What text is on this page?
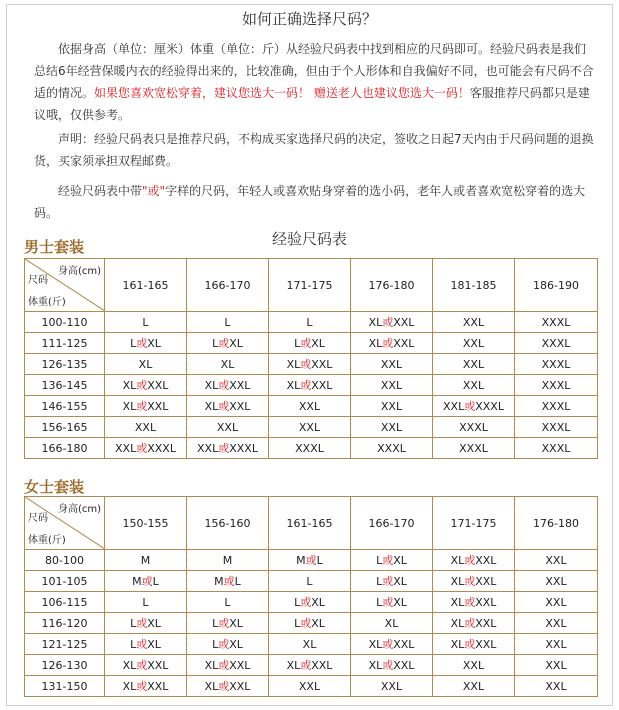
如何正确选择尺码？

依据身高（单位：厘米）体重（单位：斤）从经验尺码表中找到相应的尺码即可。经验尺码表是我们总结6年经营保暖内衣的经验得出来的，比较准确，但由于个人形体和自我偏好不同，也可能会有尺码不合适的情况。如果您喜欢宽松穿着，建议您选大一码！ 赠送老人也建议您选大一码！客服推荐尺码都只是建议哦，仅供参考。

声明：经验尺码表只是推荐尺码，不构成买家选择尺码的决定，签收之日起7天内由于尺码问题的退换货，买家须承担双程邮费。

经验尺码表中带"或"字样的尺码，年轻人或喜欢贴身穿着的选小码，老年人或者喜欢宽松穿着的选大码。

经验尺码表
男士套装
身高(cm)
尺码
体重(斤)	161-165	166-170	171-175	176-180	181-185	186-190
100-110	L	L	L	XL或XXL	XXL	XXXL
111-125	L或XL	L或XL	L或XL	XL或XXL	XXL	XXXL
126-135	XL	XL	XL或XXL	XXL	XXL	XXXL
136-145	XL或XXL	XL或XXL	XL或XXL	XXL	XXL	XXXL
146-155	XL或XXL	XL或XXL	XXL	XXL	XXL或XXXL	XXXL
156-165	XXL	XXL	XXL	XXL	XXXL	XXXL
166-180	XXL或XXXL	XXL或XXXL	XXXL	XXXL	XXXL	XXXL
女士套装
身高(cm)
尺码
体重(斤)	150-155	156-160	161-165	166-170	171-175	176-180
80-100	M	M	M或L	L或XL	XL或XXL	XXL
101-105	M或L	M或L	L	L或XL	XL或XXL	XXL
106-115	L	L	L或XL	L或XL	XL或XXL	XXL
116-120	L或XL	L或XL	L或XL	XL	XL或XXL	XXL
121-125	L或XL	L或XL	XL	XL或XXL	XL或XXL	XXL
126-130	XL或XXL	XL或XXL	XL或XXL	XL或XXL	XXL	XXL
131-150	XL或XXL	XL或XXL	XXL	XXL	XXL	XXL
